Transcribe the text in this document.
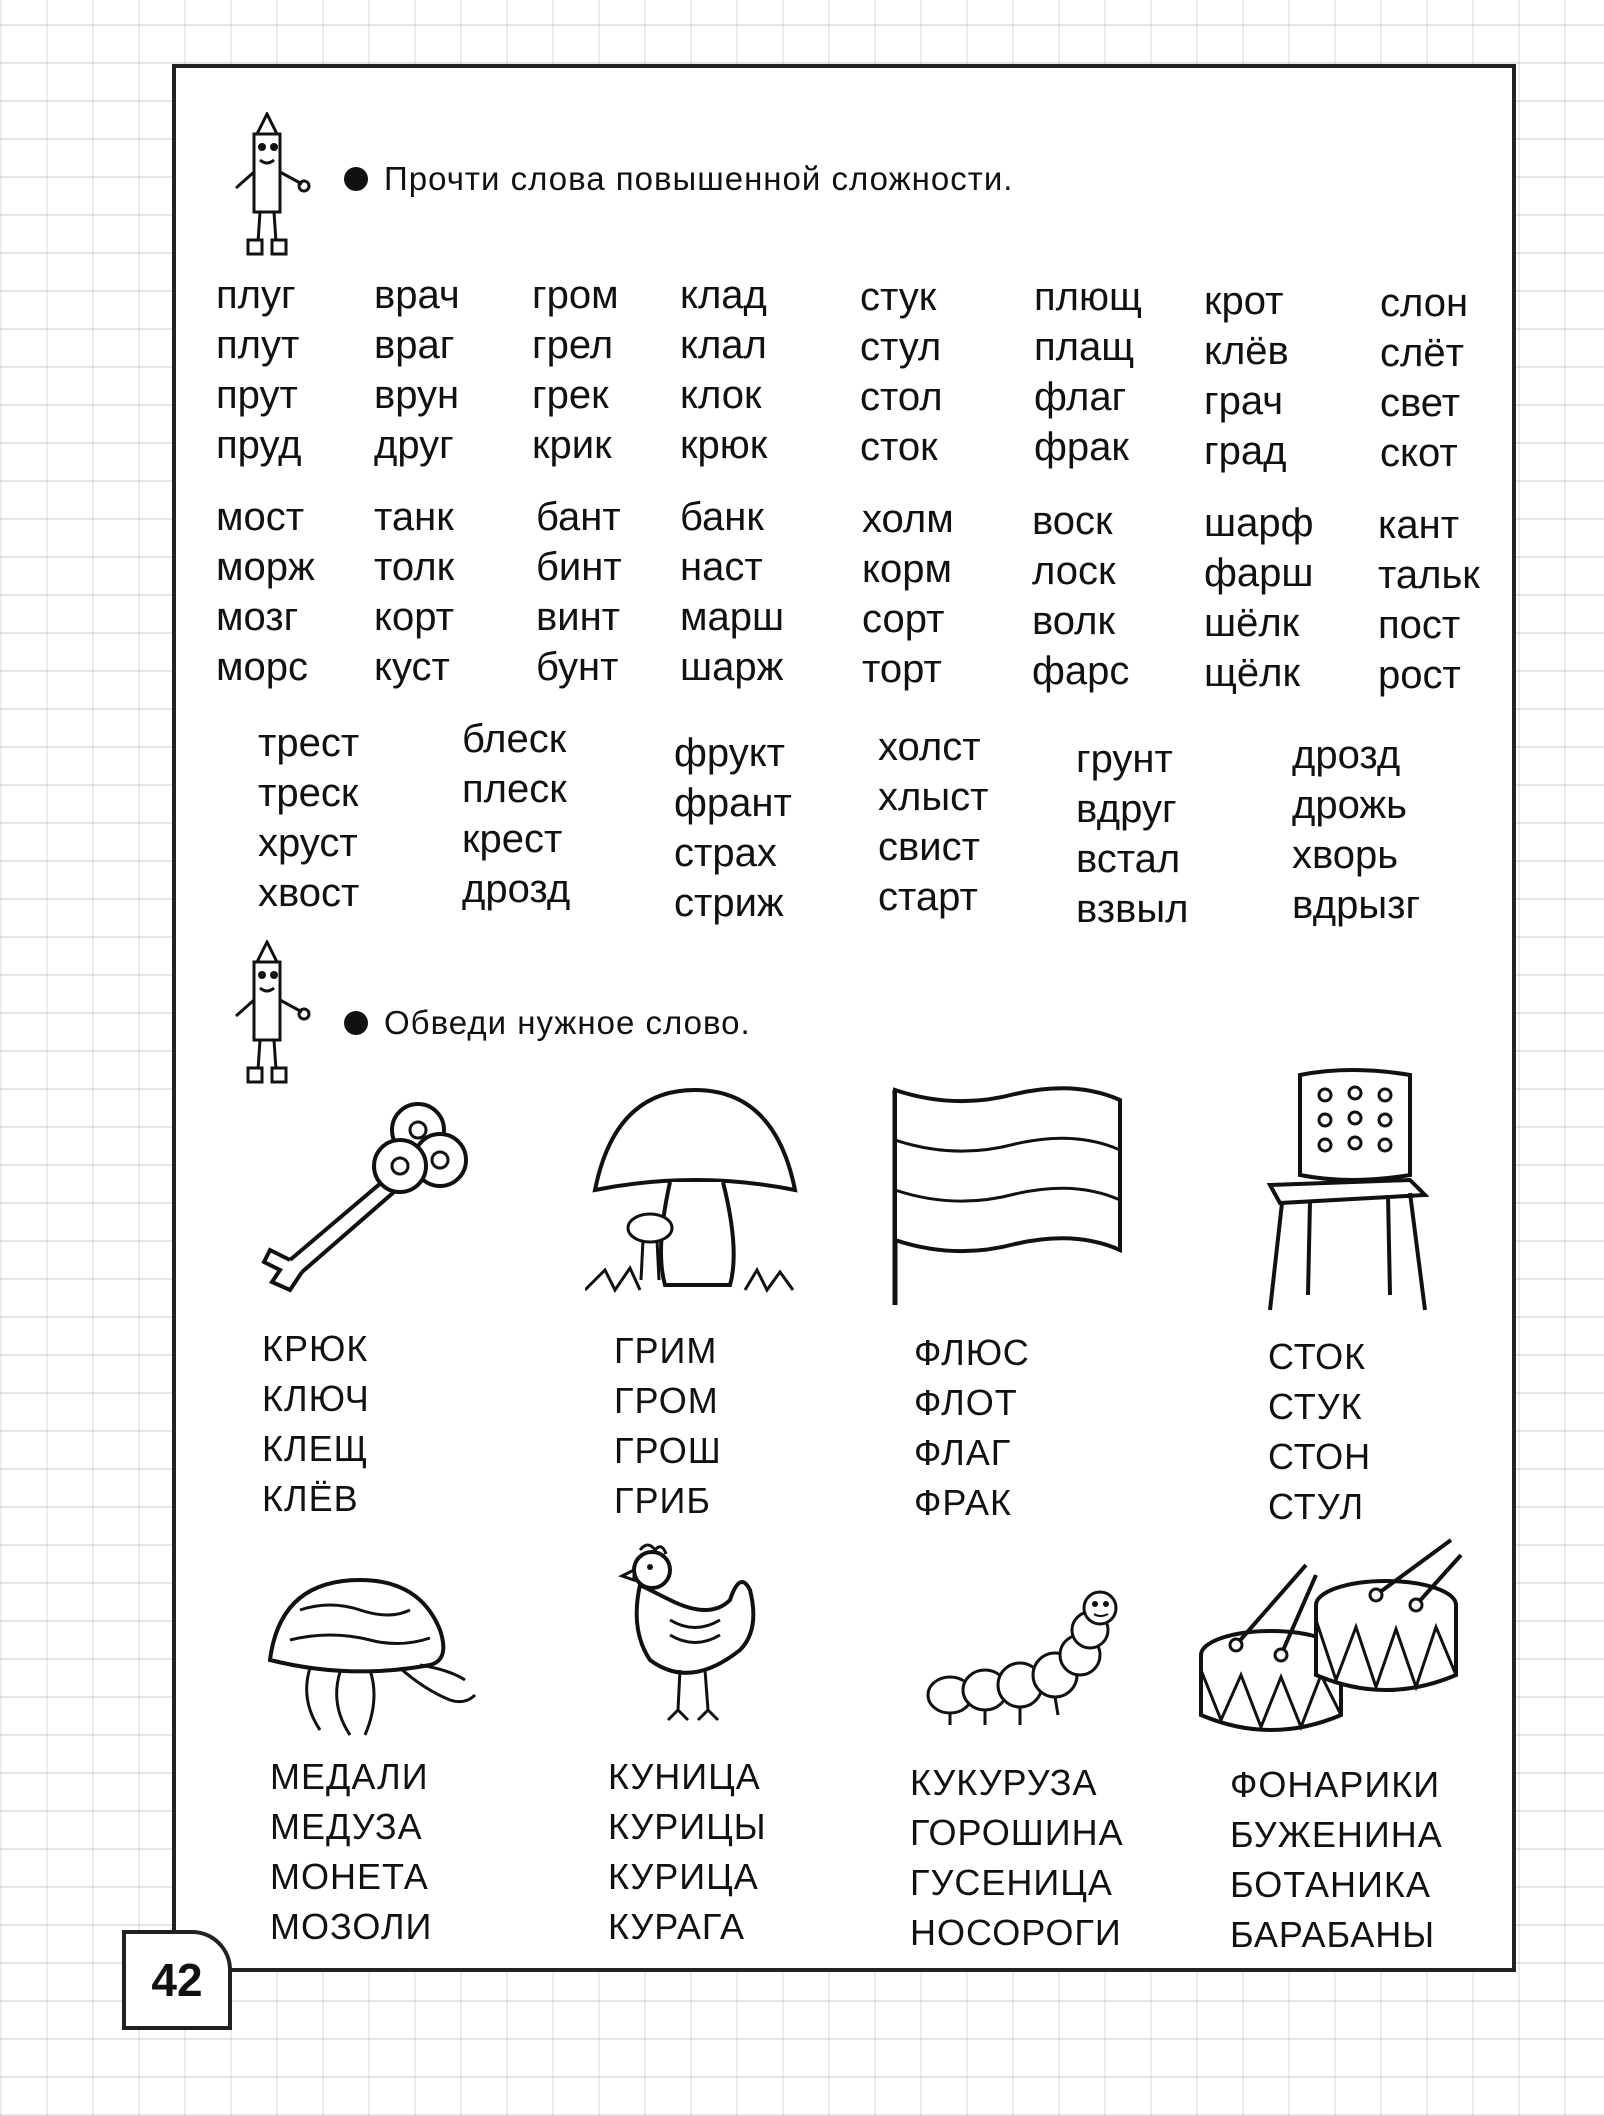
Прочти слова повышенной сложности.
плуг
плут
прут
пруд
врач
враг
врун
друг
гром
грел
грек
крик
клад
клал
клок
крюк
стук
стул
стол
сток
плющ
плащ
флаг
фрак
крот
клёв
грач
град
слон
слёт
свет
скот
мост
морж
мозг
морс
танк
толк
корт
куст
бант
бинт
винт
бунт
банк
наст
марш
шарж
холм
корм
сорт
торт
воск
лоск
волк
фарс
шарф
фарш
шёлк
щёлк
кант
тальк
пост
рост
трест
треск
хруст
хвост
блеск
плеск
крест
дрозд
фрукт
франт
страх
стриж
холст
хлыст
свист
старт
грунт
вдруг
встал
взвыл
дрозд
дрожь
хворь
вдрызг
Обведи нужное слово.
КРЮК
КЛЮЧ
КЛЕЩ
КЛЁВ
ГРИМ
ГРОМ
ГРОШ
ГРИБ
ФЛЮС
ФЛОТ
ФЛАГ
ФРАК
СТОК
СТУК
СТОН
СТУЛ
МЕДАЛИ
МЕДУЗА
МОНЕТА
МОЗОЛИ
КУНИЦА
КУРИЦЫ
КУРИЦА
КУРАГА
КУКУРУЗА
ГОРОШИНА
ГУСЕНИЦА
НОСОРОГИ
ФОНАРИКИ
БУЖЕНИНА
БОТАНИКА
БАРАБАНЫ
42
